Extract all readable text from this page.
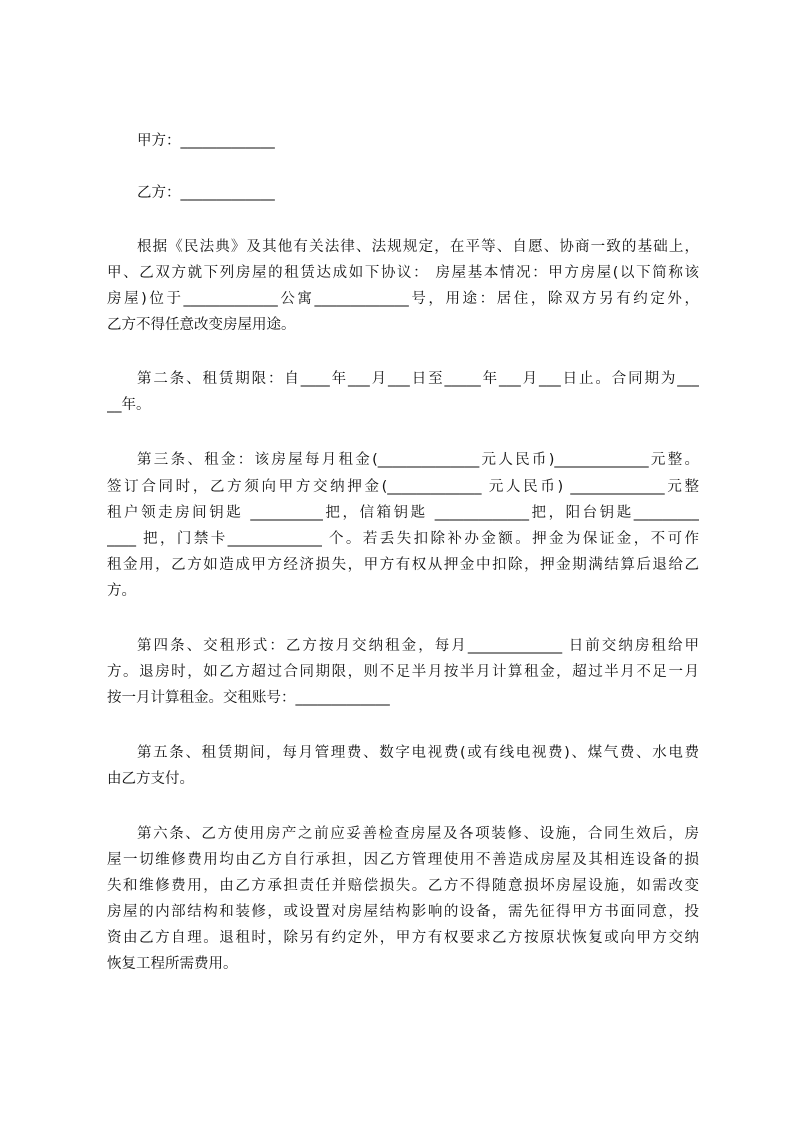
甲方：_____________
乙方：_____________
根据《民法典》及其他有关法律、法规规定，在平等、自愿、协商一致的基础上，
甲、乙双方就下列房屋的租赁达成如下协议： 房屋基本情况：甲方房屋(以下简称该
房屋)位于_____________公寓_____________号，用途：居住，除双方另有约定外，
乙方不得任意改变房屋用途。
第二条、租赁期限：自____年___月___日至_____年___月___日止。合同期为___
__年。
第三条、租金：该房屋每月租金(______________元人民币)_____________元整。
签订合同时，乙方须向甲方交纳押金(_____________ 元人民币) _____________元整
租户领走房间钥匙 __________把，信箱钥匙 _____________把，阳台钥匙_________
____ 把，门禁卡_____________ 个。若丢失扣除补办金额。押金为保证金，不可作
租金用，乙方如造成甲方经济损失，甲方有权从押金中扣除，押金期满结算后退给乙
方。
第四条、交租形式：乙方按月交纳租金，每月_____________ 日前交纳房租给甲
方。退房时，如乙方超过合同期限，则不足半月按半月计算租金，超过半月不足一月
按一月计算租金。交租账号：_____________
第五条、租赁期间，每月管理费、数字电视费(或有线电视费)、煤气费、水电费
由乙方支付。
第六条、乙方使用房产之前应妥善检查房屋及各项装修、设施，合同生效后，房
屋一切维修费用均由乙方自行承担，因乙方管理使用不善造成房屋及其相连设备的损
失和维修费用，由乙方承担责任并赔偿损失。乙方不得随意损坏房屋设施，如需改变
房屋的内部结构和装修，或设置对房屋结构影响的设备，需先征得甲方书面同意，投
资由乙方自理。退租时，除另有约定外，甲方有权要求乙方按原状恢复或向甲方交纳
恢复工程所需费用。
